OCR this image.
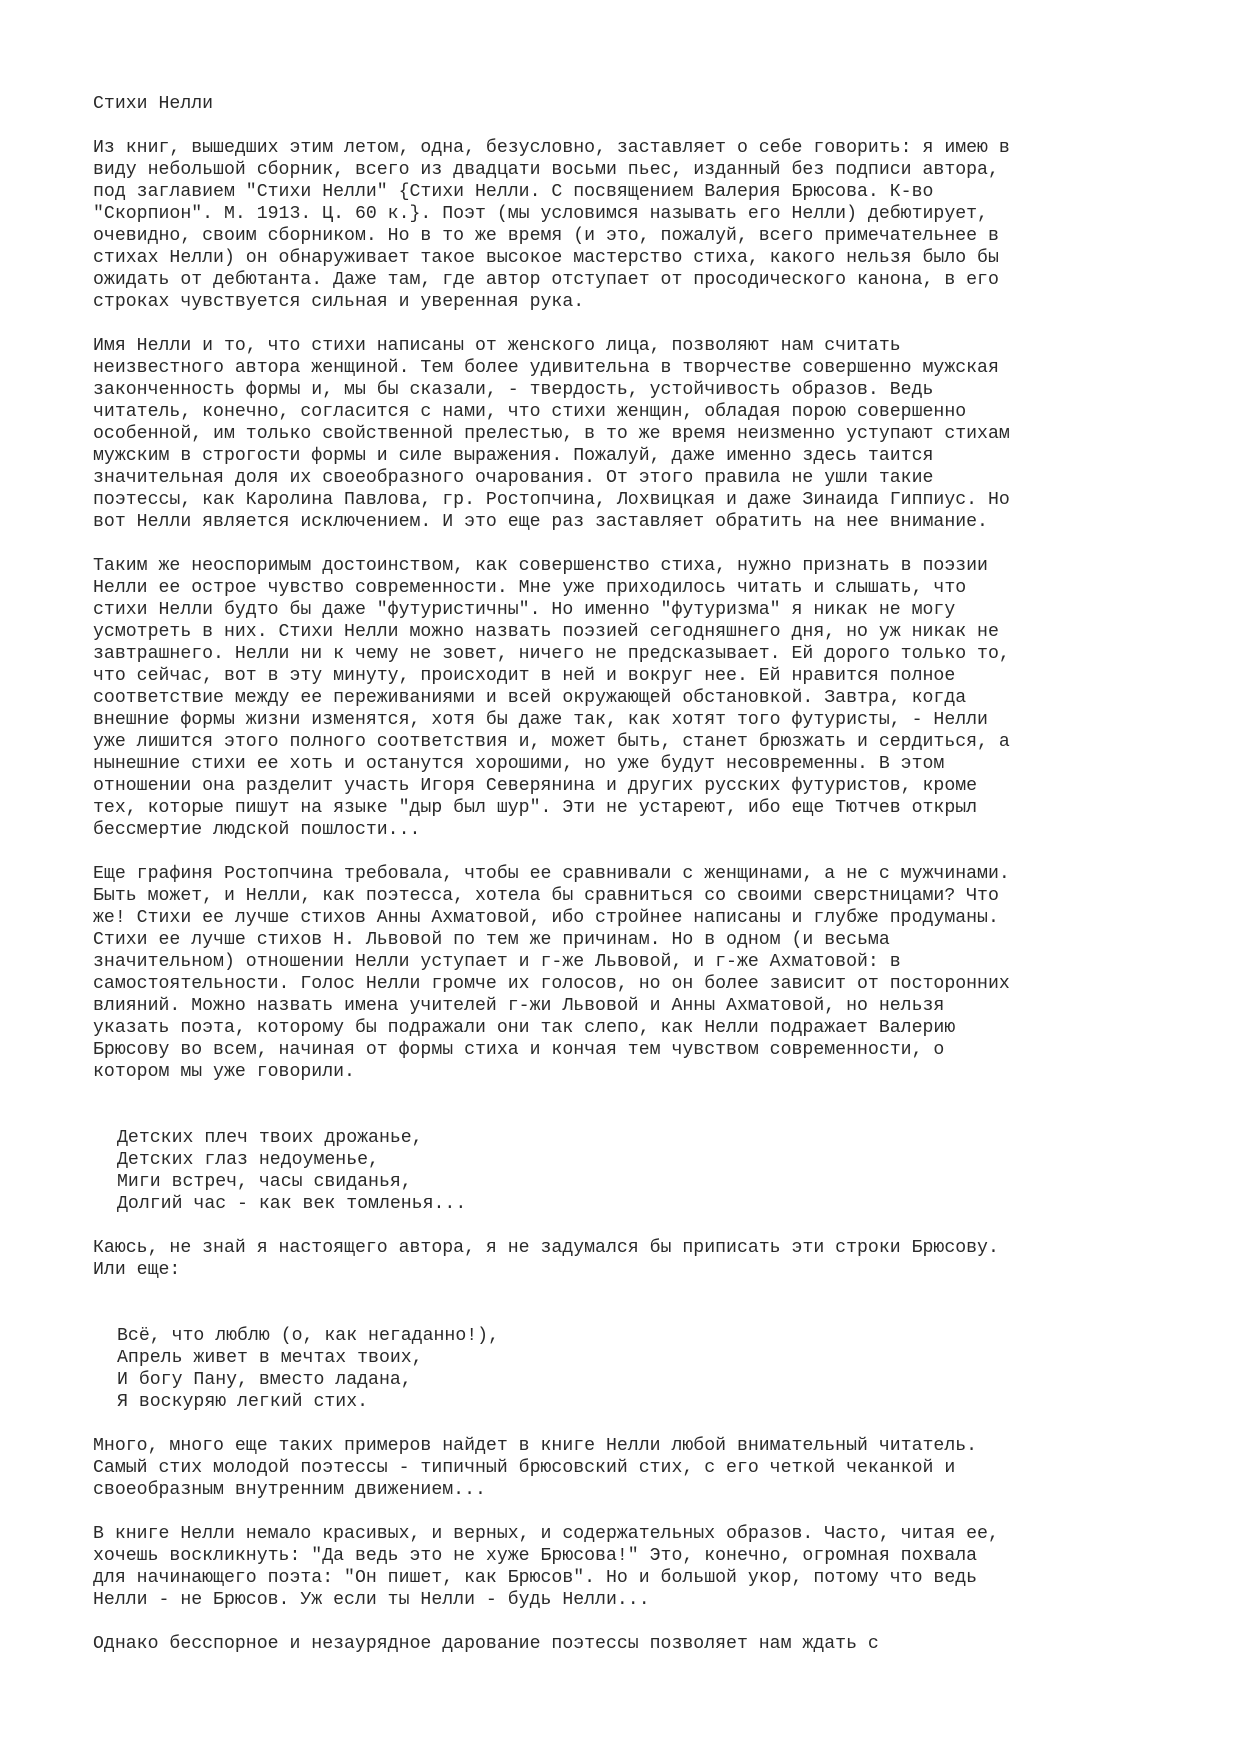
Стихи Нелли
Из книг, вышедших этим летом, одна, безусловно, заставляет о себе говорить: я имею в
виду небольшой сборник, всего из двадцати восьми пьес, изданный без подписи автора,
под заглавием "Стихи Нелли" {Стихи Нелли. С посвящением Валерия Брюсова. К-во
"Скорпион". М. 1913. Ц. 60 к.}. Поэт (мы условимся называть его Нелли) дебютирует,
очевидно, своим сборником. Но в то же время (и это, пожалуй, всего примечательнее в
стихах Нелли) он обнаруживает такое высокое мастерство стиха, какого нельзя было бы
ожидать от дебютанта. Даже там, где автор отступает от просодического канона, в его
строках чувствуется сильная и уверенная рука.
Имя Нелли и то, что стихи написаны от женского лица, позволяют нам считать
неизвестного автора женщиной. Тем более удивительна в творчестве совершенно мужская
законченность формы и, мы бы сказали, - твердость, устойчивость образов. Ведь
читатель, конечно, согласится с нами, что стихи женщин, обладая порою совершенно
особенной, им только свойственной прелестью, в то же время неизменно уступают стихам
мужским в строгости формы и силе выражения. Пожалуй, даже именно здесь таится
значительная доля их своеобразного очарования. От этого правила не ушли такие
поэтессы, как Каролина Павлова, гр. Ростопчина, Лохвицкая и даже Зинаида Гиппиус. Но
вот Нелли является исключением. И это еще раз заставляет обратить на нее внимание.
Таким же неоспоримым достоинством, как совершенство стиха, нужно признать в поэзии
Нелли ее острое чувство современности. Мне уже приходилось читать и слышать, что
стихи Нелли будто бы даже "футуристичны". Но именно "футуризма" я никак не могу
усмотреть в них. Стихи Нелли можно назвать поэзией сегодняшнего дня, но уж никак не
завтрашнего. Нелли ни к чему не зовет, ничего не предсказывает. Ей дорого только то,
что сейчас, вот в эту минуту, происходит в ней и вокруг нее. Ей нравится полное
соответствие между ее переживаниями и всей окружающей обстановкой. Завтра, когда
внешние формы жизни изменятся, хотя бы даже так, как хотят того футуристы, - Нелли
уже лишится этого полного соответствия и, может быть, станет брюзжать и сердиться, а
нынешние стихи ее хоть и останутся хорошими, но уже будут несовременны. В этом
отношении она разделит участь Игоря Северянина и других русских футуристов, кроме
тех, которые пишут на языке "дыр был шур". Эти не устареют, ибо еще Тютчев открыл
бессмертие людской пошлости...
Еще графиня Ростопчина требовала, чтобы ее сравнивали с женщинами, а не с мужчинами.
Быть может, и Нелли, как поэтесса, хотела бы сравниться со своими сверстницами? Что
же! Стихи ее лучше стихов Анны Ахматовой, ибо стройнее написаны и глубже продуманы.
Стихи ее лучше стихов Н. Львовой по тем же причинам. Но в одном (и весьма
значительном) отношении Нелли уступает и г-же Львовой, и г-же Ахматовой: в
самостоятельности. Голос Нелли громче их голосов, но он более зависит от посторонних
влияний. Можно назвать имена учителей г-жи Львовой и Анны Ахматовой, но нельзя
указать поэта, которому бы подражали они так слепо, как Нелли подражает Валерию
Брюсову во всем, начиная от формы стиха и кончая тем чувством современности, о
котором мы уже говорили.
Детских плеч твоих дрожанье,
Детских глаз недоуменье,
Миги встреч, часы свиданья,
Долгий час - как век томленья...
Каюсь, не знай я настоящего автора, я не задумался бы приписать эти строки Брюсову.
Или еще:
Всё, что люблю (о, как негаданно!),
Апрель живет в мечтах твоих,
И богу Пану, вместо ладана,
Я воскуряю легкий стих.
Много, много еще таких примеров найдет в книге Нелли любой внимательный читатель.
Самый стих молодой поэтессы - типичный брюсовский стих, с его четкой чеканкой и
своеобразным внутренним движением...
В книге Нелли немало красивых, и верных, и содержательных образов. Часто, читая ее,
хочешь воскликнуть: "Да ведь это не хуже Брюсова!" Это, конечно, огромная похвала
для начинающего поэта: "Он пишет, как Брюсов". Но и большой укор, потому что ведь
Нелли - не Брюсов. Уж если ты Нелли - будь Нелли...
Однако бесспорное и незаурядное дарование поэтессы позволяет нам ждать с
